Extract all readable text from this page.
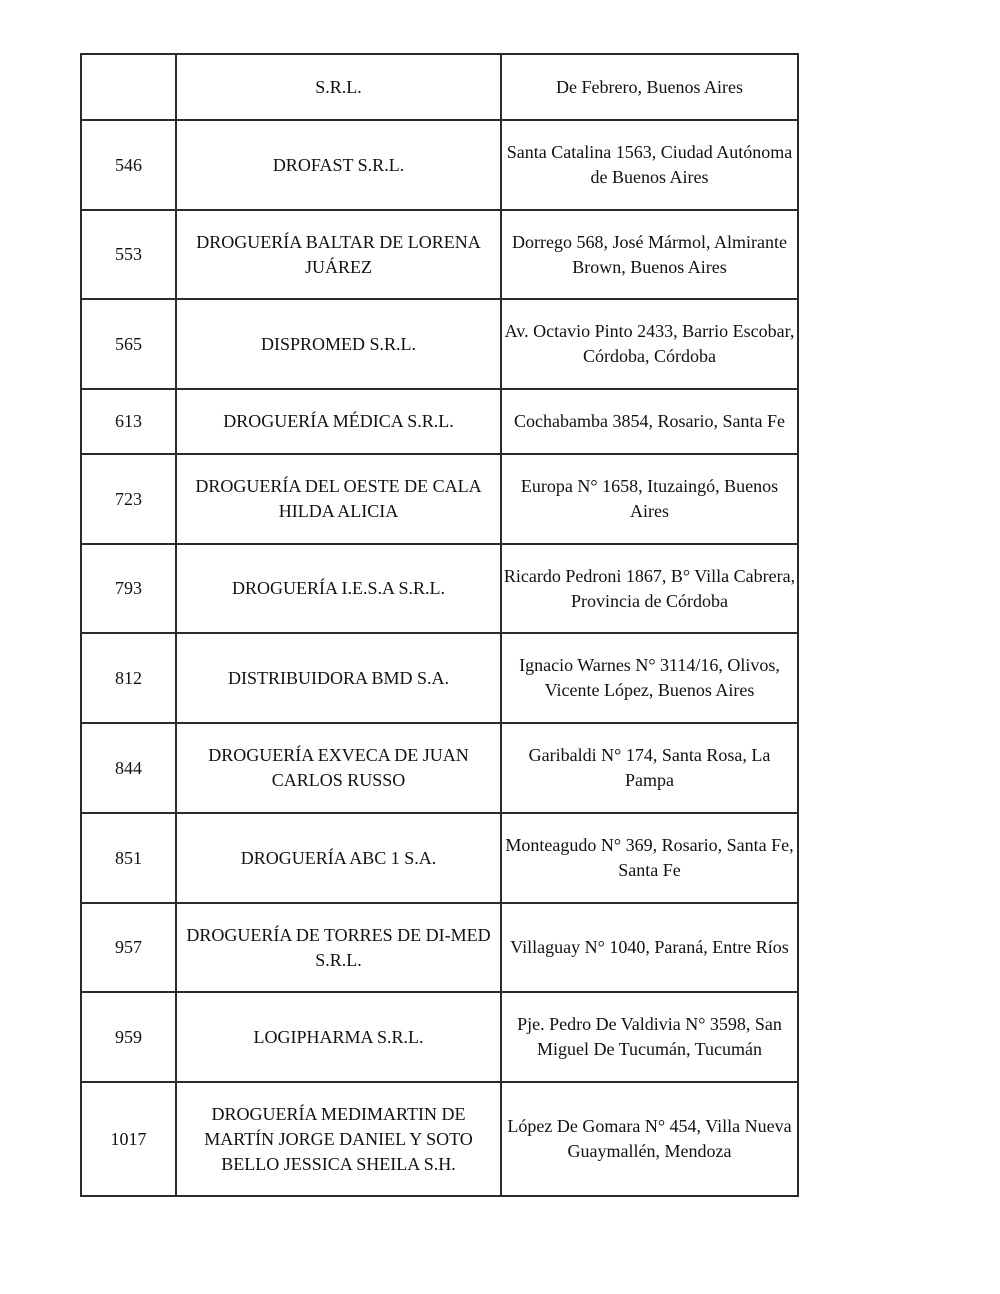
	S.R.L.	De Febrero, Buenos Aires
546	DROFAST S.R.L.	Santa Catalina 1563, Ciudad Autónoma de Buenos Aires
553	DROGUERÍA BALTAR DE LORENA JUÁREZ	Dorrego 568, José Mármol, Almirante Brown, Buenos Aires
565	DISPROMED S.R.L.	Av. Octavio Pinto 2433, Barrio Escobar, Córdoba, Córdoba
613	DROGUERÍA MÉDICA S.R.L.	Cochabamba 3854, Rosario, Santa Fe
723	DROGUERÍA DEL OESTE DE CALA HILDA ALICIA	Europa N° 1658, Ituzaingó, Buenos Aires
793	DROGUERÍA I.E.S.A S.R.L.	Ricardo Pedroni 1867, B° Villa Cabrera, Provincia de Córdoba
812	DISTRIBUIDORA BMD S.A.	Ignacio Warnes N° 3114/16, Olivos, Vicente López, Buenos Aires
844	DROGUERÍA EXVECA DE JUAN CARLOS RUSSO	Garibaldi N° 174, Santa Rosa, La Pampa
851	DROGUERÍA ABC 1 S.A.	Monteagudo N° 369, Rosario, Santa Fe, Santa Fe
957	DROGUERÍA DE TORRES DE DI-MED S.R.L.	Villaguay N° 1040, Paraná, Entre Ríos
959	LOGIPHARMA S.R.L.	Pje. Pedro De Valdivia N° 3598, San Miguel De Tucumán, Tucumán
1017	DROGUERÍA MEDIMARTIN DE MARTÍN JORGE DANIEL Y SOTO BELLO JESSICA SHEILA S.H.	López De Gomara N° 454, Villa Nueva Guaymallén, Mendoza
